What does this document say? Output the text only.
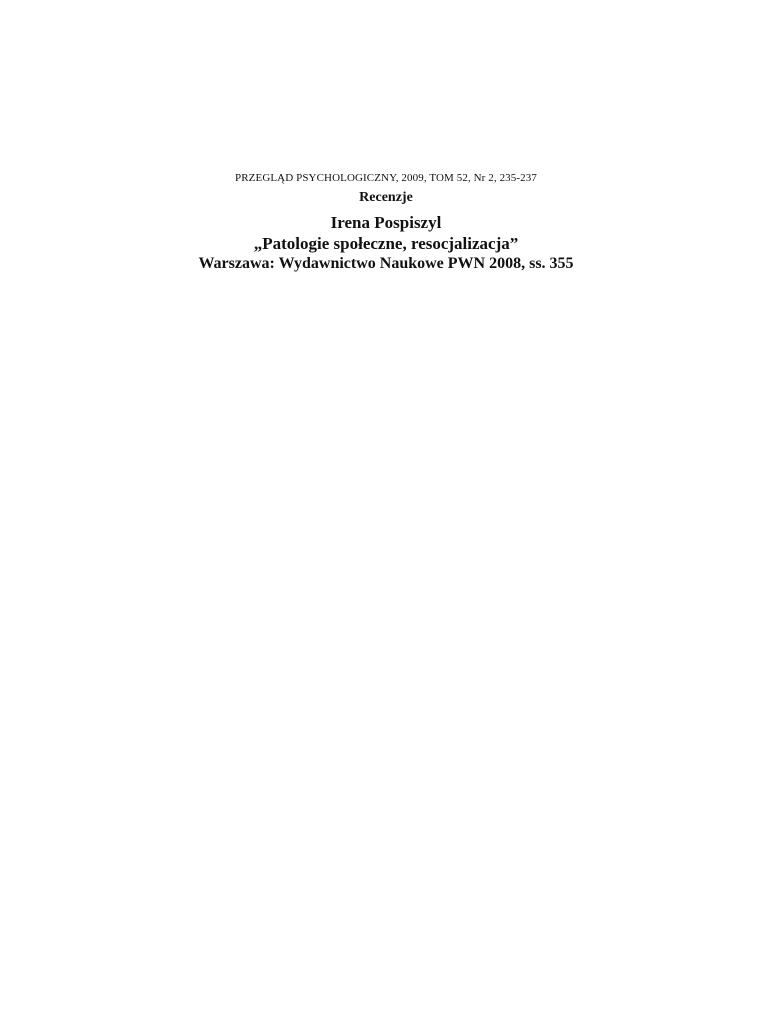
PRZEGLĄD PSYCHOLOGICZNY, 2009, TOM 52, Nr 2, 235-237
Recenzje
Irena Pospiszyl
„Patologie społeczne, resocjalizacja”
Warszawa: Wydawnictwo Naukowe PWN 2008, ss. 355
